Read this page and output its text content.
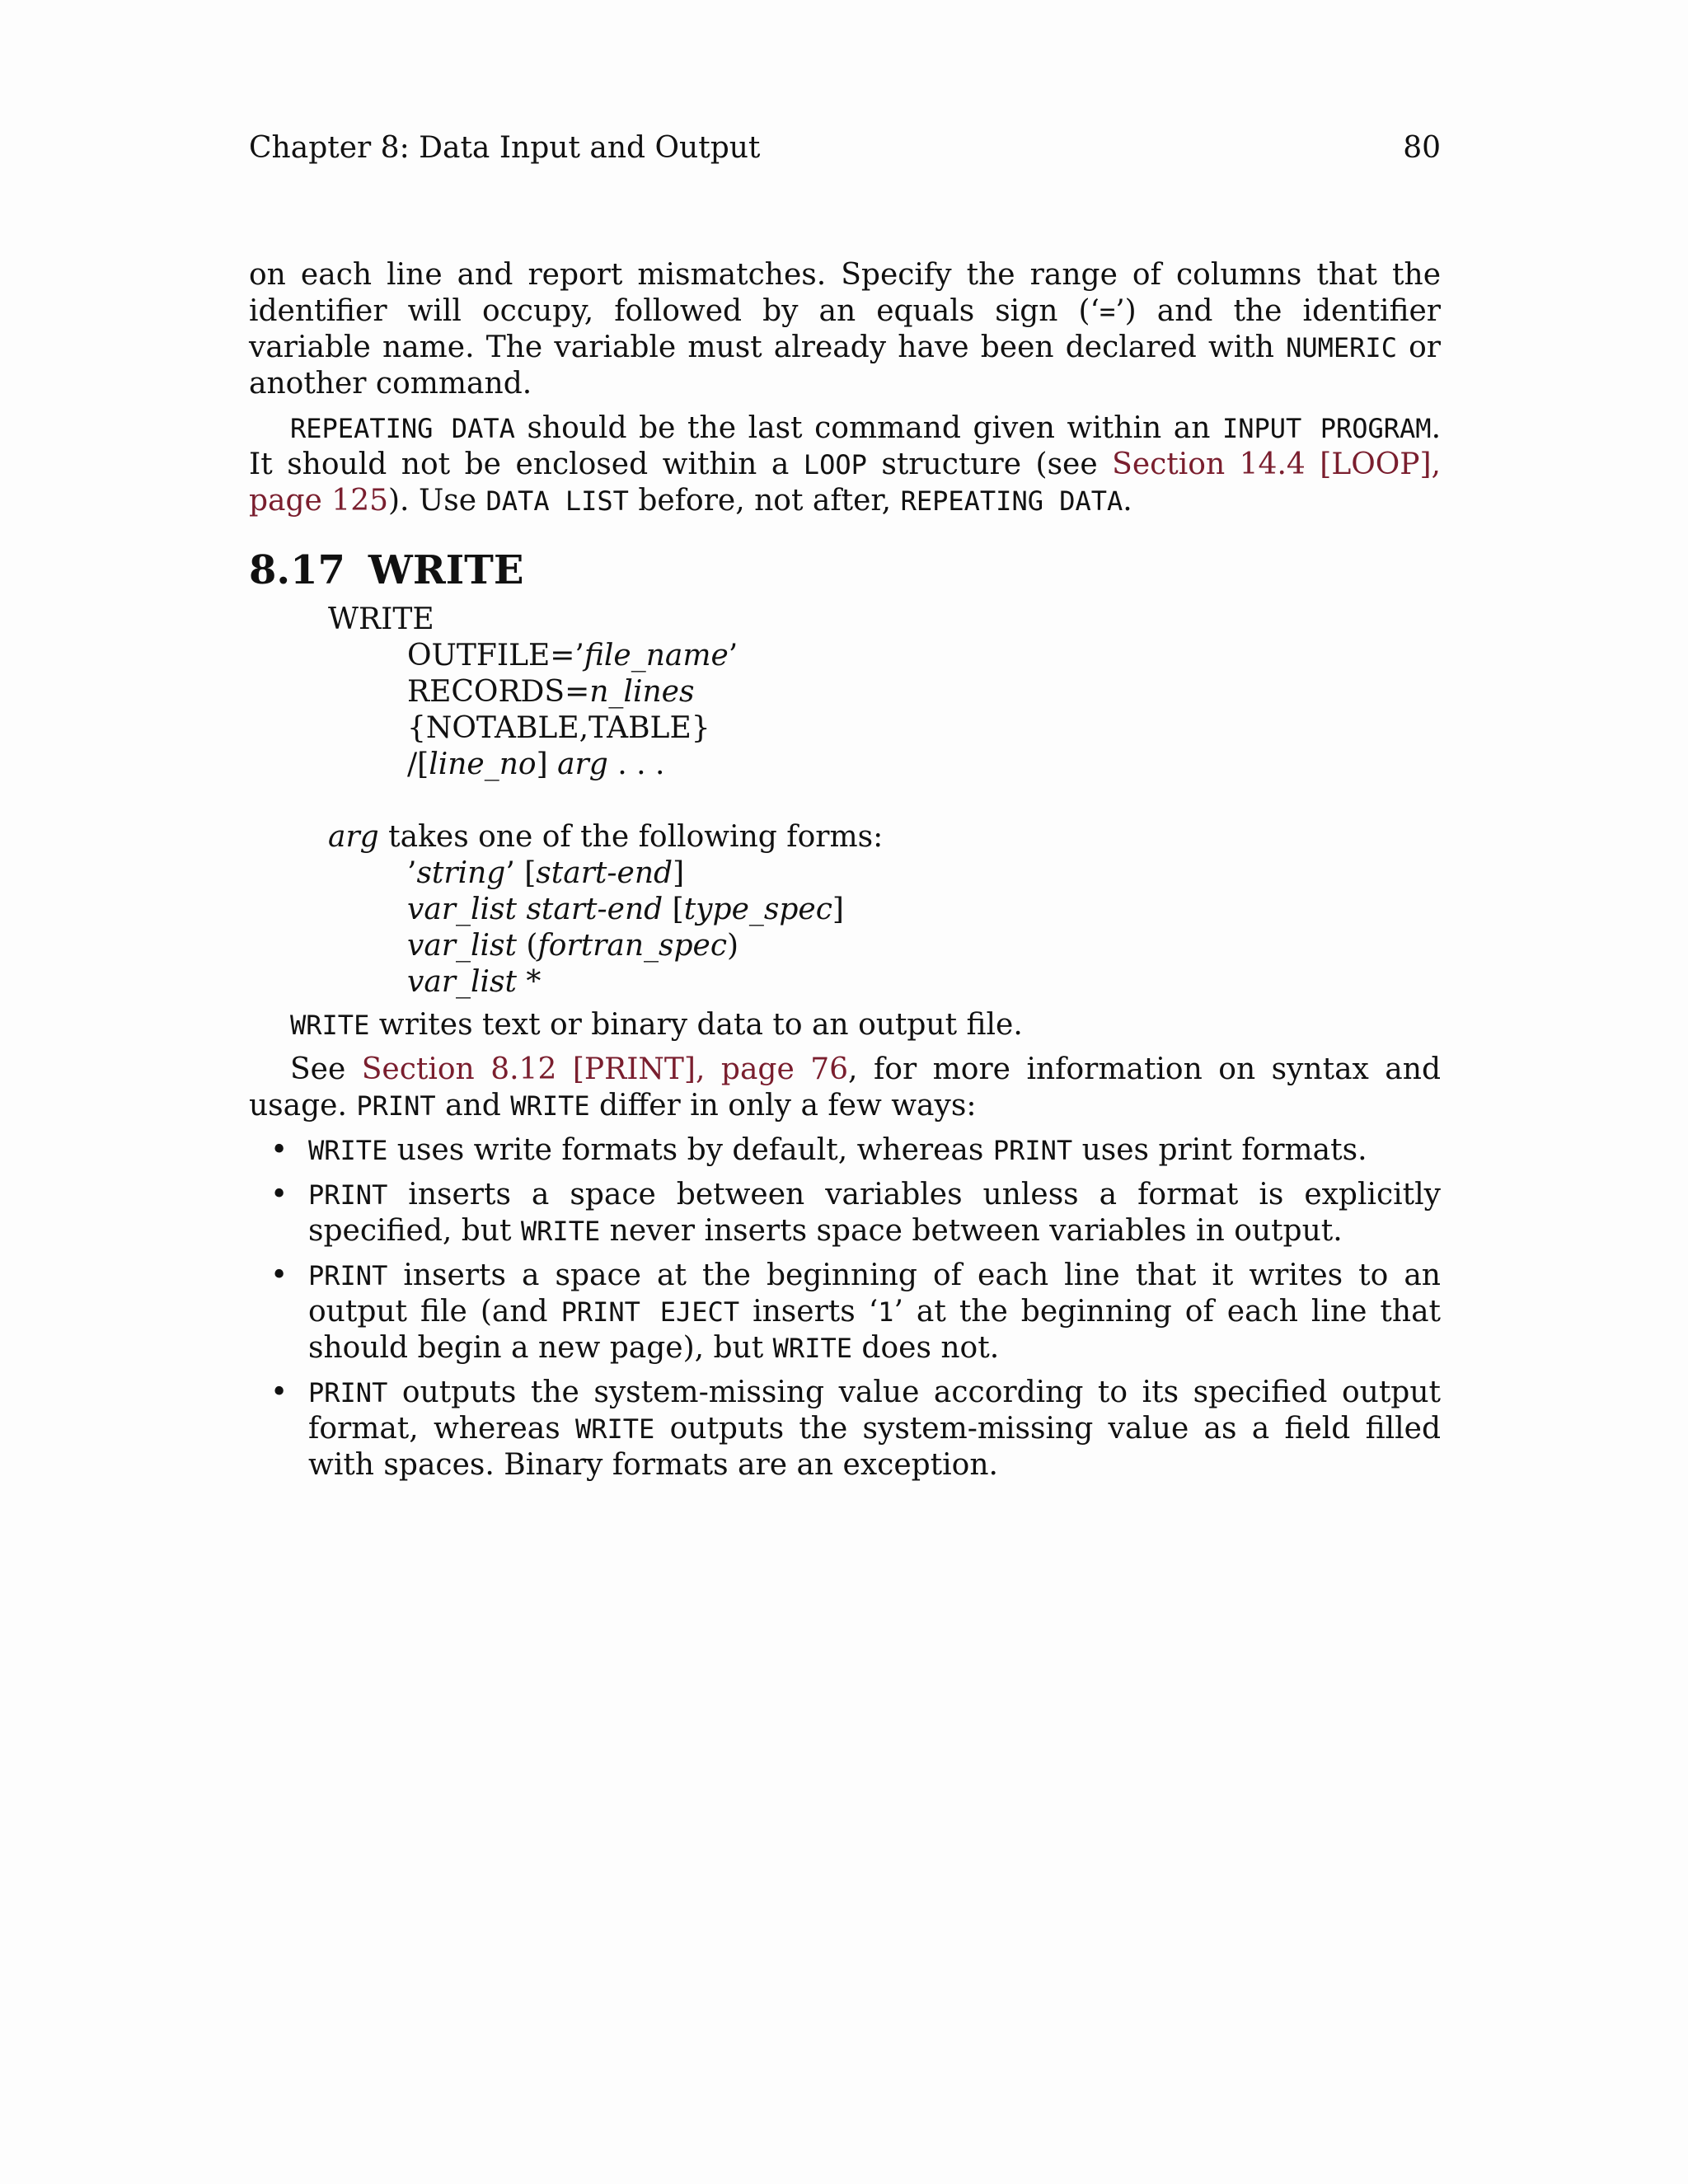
Chapter 8: Data Input and Output	80

on each line and report mismatches. Specify the range of columns that the identifier will occupy, followed by an equals sign (‘=’) and the identifier variable name. The variable must already have been declared with NUMERIC or another command.

REPEATING DATA should be the last command given within an INPUT PROGRAM. It should not be enclosed within a LOOP structure (see Section 14.4 [LOOP], page 125). Use DATA LIST before, not after, REPEATING DATA.

8.17 WRITE
WRITE
OUTFILE=’file_name’
RECORDS=n_lines
{NOTABLE,TABLE}
/[line_no] arg . . .
arg takes one of the following forms:
’string’ [start-end]
var_list start-end [type_spec]
var_list (fortran_spec)
var_list *

WRITE writes text or binary data to an output file.

See Section 8.12 [PRINT], page 76, for more information on syntax and usage. PRINT and WRITE differ in only a few ways:

• WRITE uses write formats by default, whereas PRINT uses print formats.
• PRINT inserts a space between variables unless a format is explicitly specified, but WRITE never inserts space between variables in output.
• PRINT inserts a space at the beginning of each line that it writes to an output file (and PRINT EJECT inserts ‘1’ at the beginning of each line that should begin a new page), but WRITE does not.
• PRINT outputs the system-missing value according to its specified output format, whereas WRITE outputs the system-missing value as a field filled with spaces. Binary formats are an exception.
